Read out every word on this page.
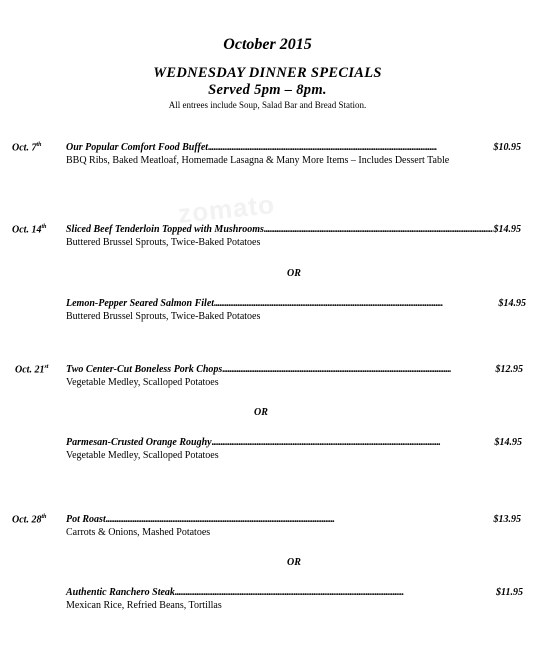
zomato
October 2015
WEDNESDAY DINNER SPECIALS
Served 5pm – 8pm.
All entrees include Soup, Salad Bar and Bread Station.
Oct. 7th Our Popular Comfort Food Buffet . . .	$10.95
BBQ Ribs, Baked Meatloaf, Homemade Lasagna & Many More Items – Includes Dessert Table
Oct. 14th Sliced Beef Tenderloin Topped with Mushrooms . . .	$14.95
Buttered Brussel Sprouts, Twice-Baked Potatoes
OR
Lemon-Pepper Seared Salmon Filet . . .	$14.95
Buttered Brussel Sprouts, Twice-Baked Potatoes
Oct. 21st Two Center-Cut Boneless Pork Chops . . .	$12.95
Vegetable Medley, Scalloped Potatoes
OR
Parmesan-Crusted Orange Roughy . . .	$14.95
Vegetable Medley, Scalloped Potatoes
Oct. 28th Pot Roast . . .	$13.95
Carrots & Onions, Mashed Potatoes
OR
Authentic Ranchero Steak . . .	$11.95
Mexican Rice, Refried Beans, Tortillas
